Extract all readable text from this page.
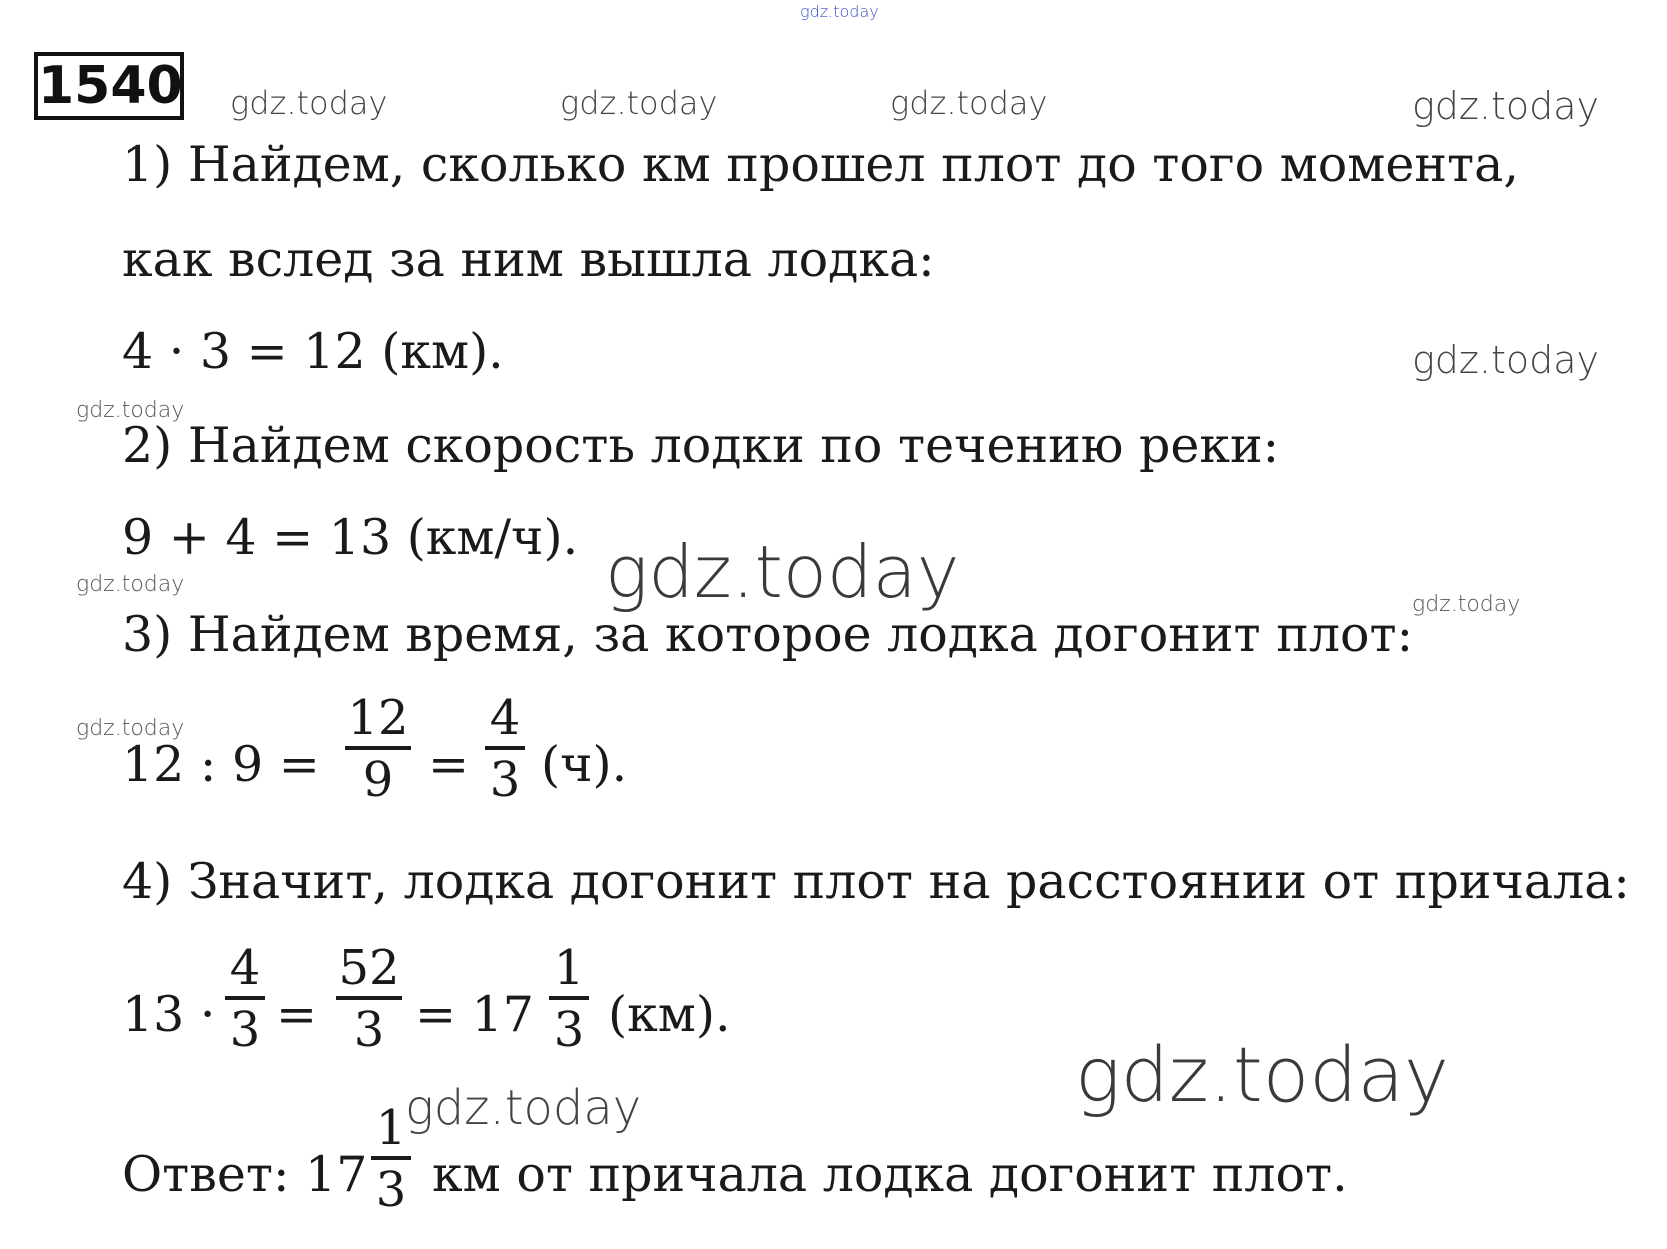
gdz.today
gdz.today	gdz.today	gdz.today	gdz.today
gdz.today
gdz.today
gdz.today
gdz.today
gdz.today
1540
1) Найдем, сколько км прошел плот до того момента,
как вслед за ним вышла лодка:
4 · 3 = 12 (км).
2) Найдем скорость лодки по течению реки:
9 + 4 = 13 (км/ч). gdz.today
3) Найдем время, за которое лодка догонит плот:
12 : 9 =
12
9 =
4
3 (ч).
4) Значит, лодка догонит плот на расстоянии от причала:
13 ·
4
3 =
52
3 = 17
1
3 (км).
gdz.today
gdz.today
Ответ: 17
1
3 км от причала лодка догонит плот.
